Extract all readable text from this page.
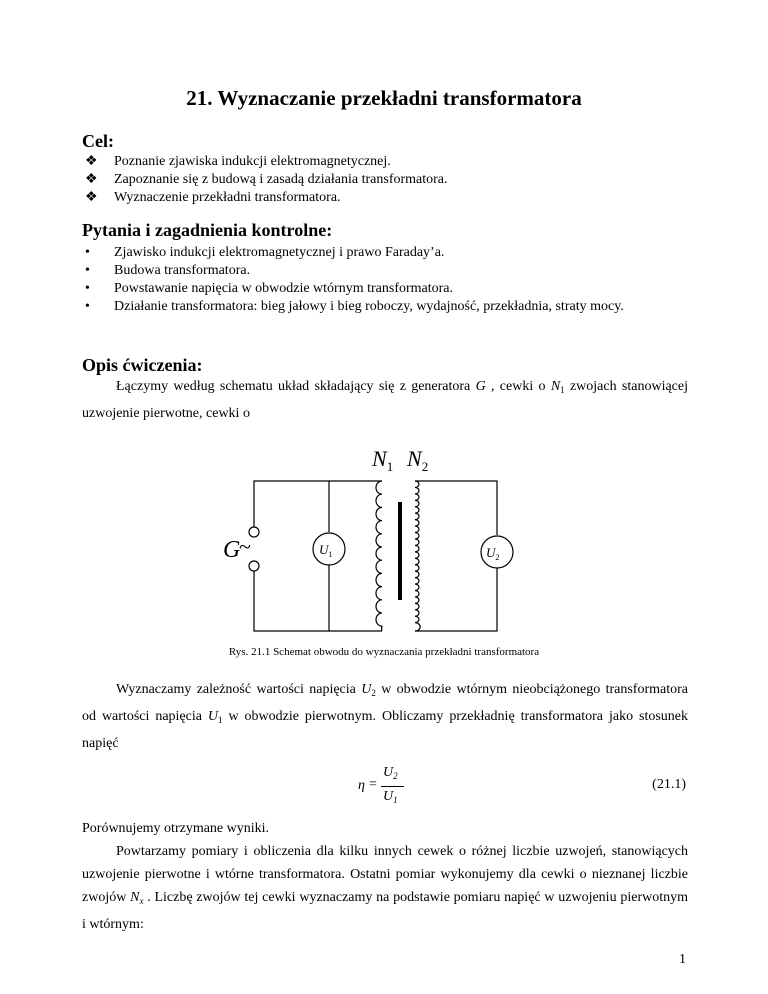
21. Wyznaczanie przekładni transformatora
Cel:
❖	Poznanie zjawiska indukcji elektromagnetycznej.
❖	Zapoznanie się z budową i zasadą działania transformatora.
❖	Wyznaczenie przekładni transformatora.
Pytania i zagadnienia kontrolne:
•	Zjawisko indukcji elektromagnetycznej i prawo Faraday’a.
•	Budowa transformatora.
•	Powstawanie napięcia w obwodzie wtórnym transformatora.
•	Działanie transformatora: bieg jałowy i bieg roboczy, wydajność, przekładnia, straty mocy.
Opis ćwiczenia:
Łączymy według schematu układ składający się z generatora G , cewki o $N_1$ zwojach stanowiącej uzwojenie pierwotne, cewki o
$N_1$ $N_2$
G
~	$U_1$	$U_2$
Rys. 21.1 Schemat obwodu do wyznaczania przekładni transformatora
Wyznaczamy zależność wartości napięcia $U_2$ w obwodzie wtórnym nieobciążonego transformatora od wartości napięcia $U_1$ w obwodzie pierwotnym. Obliczamy przekładnię transformatora jako stosunek napięć
η =
$U_2$
$U_1$
(21.1)
Porównujemy otrzymane wyniki.
Powtarzamy pomiary i obliczenia dla kilku innych cewek o różnej liczbie uzwojeń, stanowiących uzwojenie pierwotne i wtórne transformatora. Ostatni pomiar wykonujemy dla cewki o nieznanej liczbie zwojów $N_x$ . Liczbę zwojów tej cewki wyznaczamy na podstawie pomiaru napięć w uzwojeniu pierwotnym i wtórnym:
1
